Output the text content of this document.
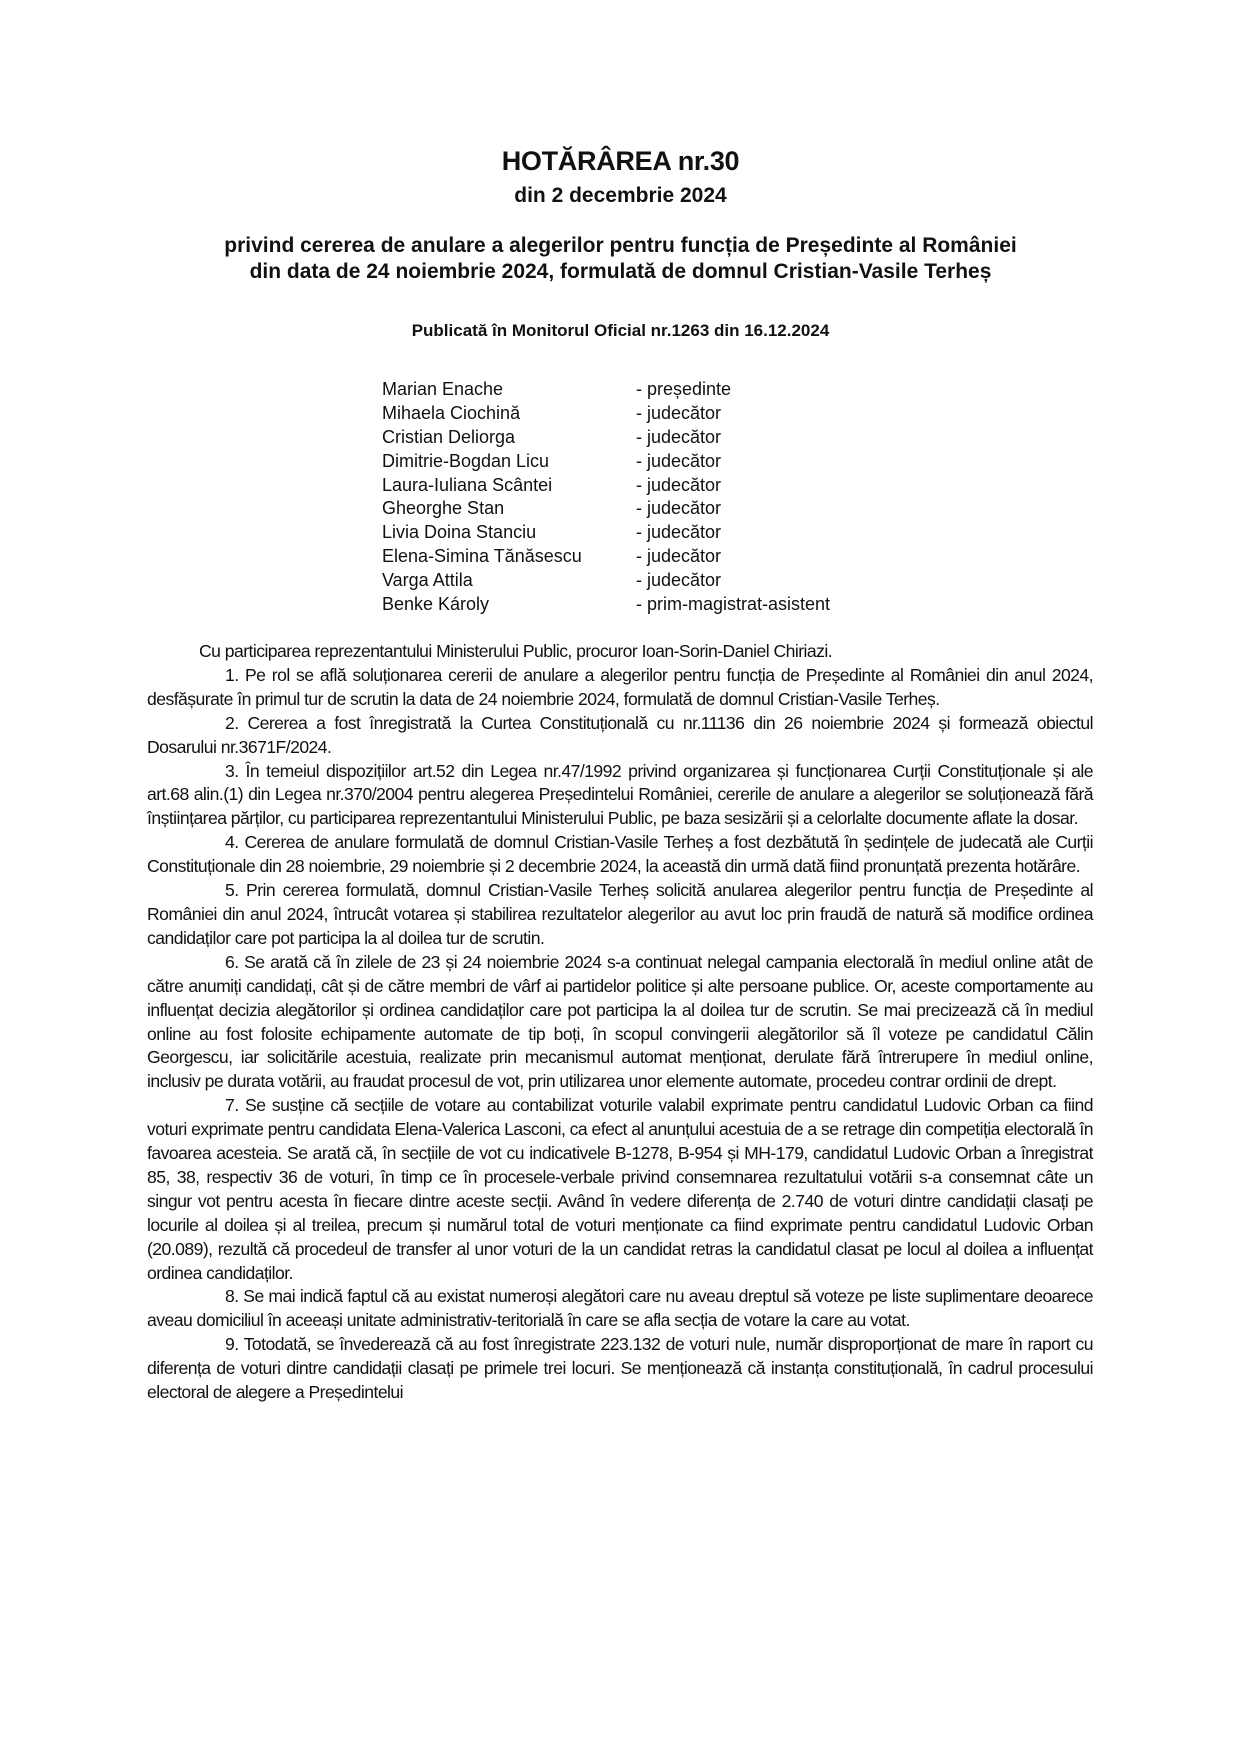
HOTĂRÂREA nr.30
din 2 decembrie 2024
privind cererea de anulare a alegerilor pentru funcția de Președinte al României
din data de 24 noiembrie 2024, formulată de domnul Cristian-Vasile Terheș
Publicată în Monitorul Oficial nr.1263 din 16.12.2024
Marian Enache	- președinte
Mihaela Ciochină	- judecător
Cristian Deliorga	- judecător
Dimitrie-Bogdan Licu	- judecător
Laura-Iuliana Scântei	- judecător
Gheorghe Stan	- judecător
Livia Doina Stanciu	- judecător
Elena-Simina Tănăsescu	- judecător
Varga Attila	- judecător
Benke Károly	- prim-magistrat-asistent

Cu participarea reprezentantului Ministerului Public, procuror Ioan-Sorin-Daniel Chiriazi.

1. Pe rol se află soluționarea cererii de anulare a alegerilor pentru funcția de Președinte al României din anul 2024, desfășurate în primul tur de scrutin la data de 24 noiembrie 2024, formulată de domnul Cristian-Vasile Terheș.

2. Cererea a fost înregistrată la Curtea Constituțională cu nr.11136 din 26 noiembrie 2024 și formează obiectul Dosarului nr.3671F/2024.

3. În temeiul dispozițiilor art.52 din Legea nr.47/1992 privind organizarea și funcționarea Curții Constituționale și ale art.68 alin.(1) din Legea nr.370/2004 pentru alegerea Președintelui României, cererile de anulare a alegerilor se soluționează fără înștiințarea părților, cu participarea reprezentantului Ministerului Public, pe baza sesizării și a celorlalte documente aflate la dosar.

4. Cererea de anulare formulată de domnul Cristian-Vasile Terheș a fost dezbătută în ședințele de judecată ale Curții Constituționale din 28 noiembrie, 29 noiembrie și 2 decembrie 2024, la această din urmă dată fiind pronunțată prezenta hotărâre.

5. Prin cererea formulată, domnul Cristian-Vasile Terheș solicită anularea alegerilor pentru funcția de Președinte al României din anul 2024, întrucât votarea și stabilirea rezultatelor alegerilor au avut loc prin fraudă de natură să modifice ordinea candidaților care pot participa la al doilea tur de scrutin.

6. Se arată că în zilele de 23 și 24 noiembrie 2024 s-a continuat nelegal campania electorală în mediul online atât de către anumiți candidați, cât și de către membri de vârf ai partidelor politice și alte persoane publice. Or, aceste comportamente au influențat decizia alegătorilor și ordinea candidaților care pot participa la al doilea tur de scrutin. Se mai precizează că în mediul online au fost folosite echipamente automate de tip boți, în scopul convingerii alegătorilor să îl voteze pe candidatul Călin Georgescu, iar solicitările acestuia, realizate prin mecanismul automat menționat, derulate fără întrerupere în mediul online, inclusiv pe durata votării, au fraudat procesul de vot, prin utilizarea unor elemente automate, procedeu contrar ordinii de drept.

7. Se susține că secțiile de votare au contabilizat voturile valabil exprimate pentru candidatul Ludovic Orban ca fiind voturi exprimate pentru candidata Elena-Valerica Lasconi, ca efect al anunțului acestuia de a se retrage din competiția electorală în favoarea acesteia. Se arată că, în secțiile de vot cu indicativele B-1278, B-954 și MH-179, candidatul Ludovic Orban a înregistrat 85, 38, respectiv 36 de voturi, în timp ce în procesele-verbale privind consemnarea rezultatului votării s-a consemnat câte un singur vot pentru acesta în fiecare dintre aceste secții. Având în vedere diferența de 2.740 de voturi dintre candidații clasați pe locurile al doilea și al treilea, precum și numărul total de voturi menționate ca fiind exprimate pentru candidatul Ludovic Orban (20.089), rezultă că procedeul de transfer al unor voturi de la un candidat retras la candidatul clasat pe locul al doilea a influențat ordinea candidaților.

8. Se mai indică faptul că au existat numeroși alegători care nu aveau dreptul să voteze pe liste suplimentare deoarece aveau domiciliul în aceeași unitate administrativ-teritorială în care se afla secția de votare la care au votat.

9. Totodată, se învederează că au fost înregistrate 223.132 de voturi nule, număr disproporționat de mare în raport cu diferența de voturi dintre candidații clasați pe primele trei locuri. Se menționează că instanța constituțională, în cadrul procesului electoral de alegere a Președintelui
